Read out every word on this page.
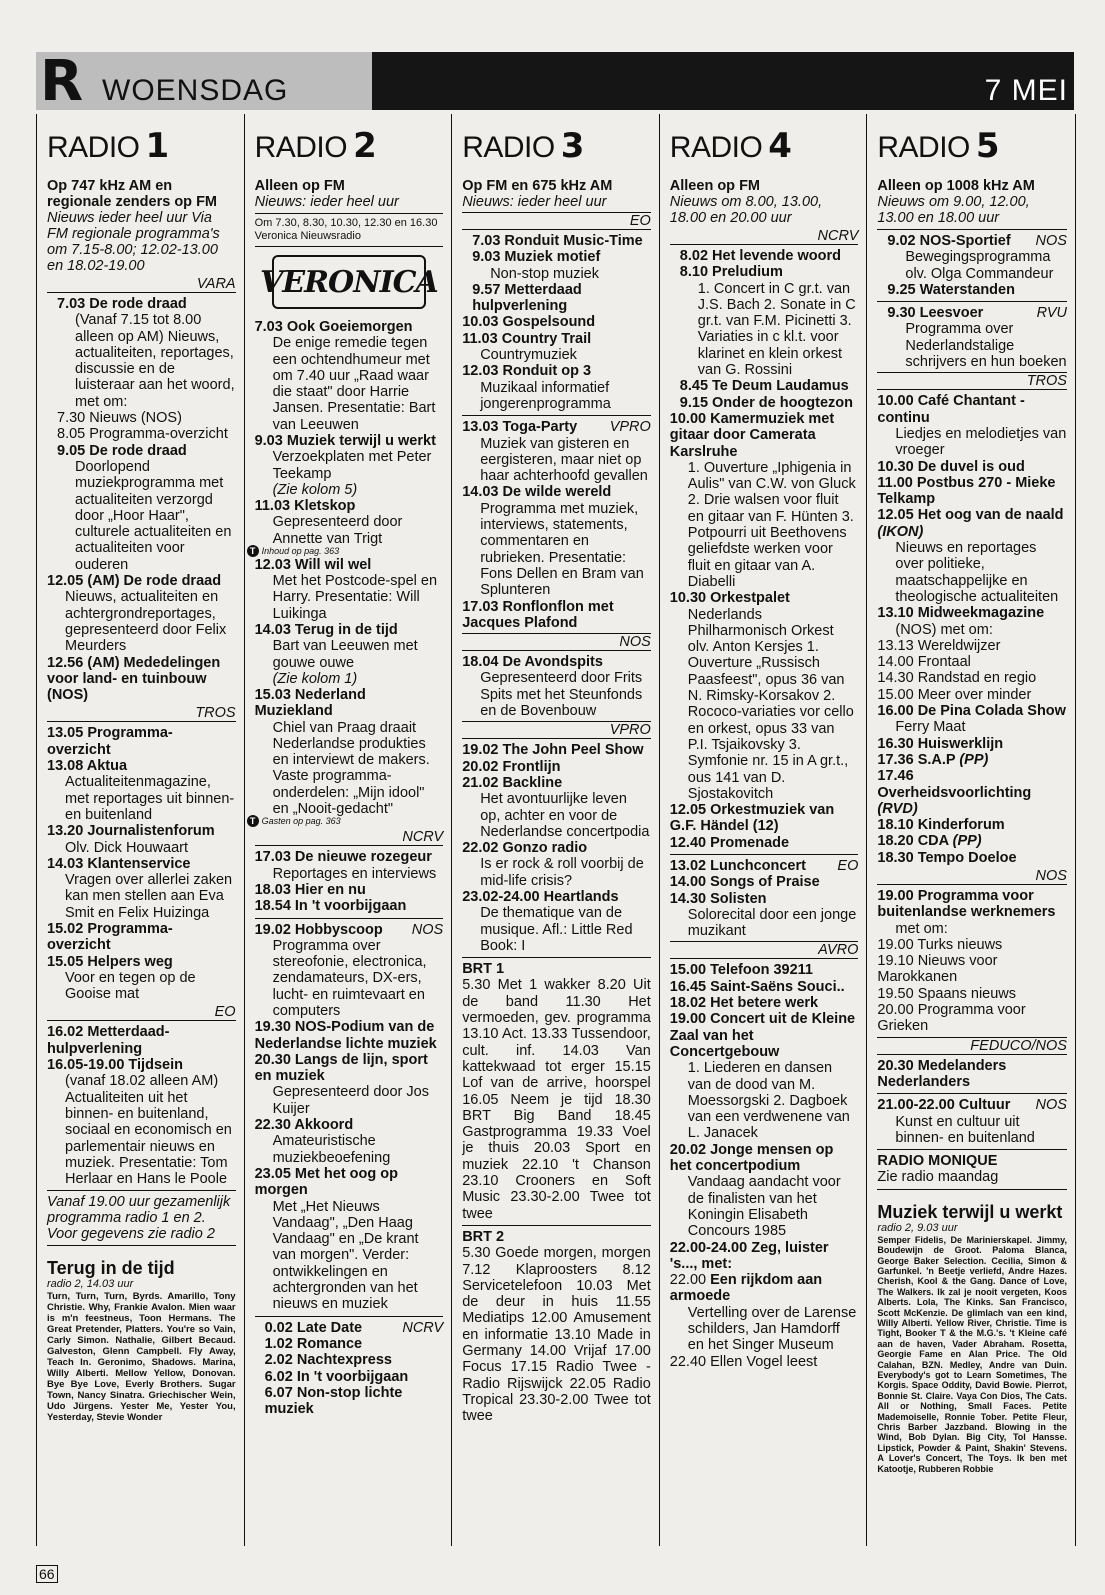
R WOENSDAG	7 MEI
RADIO 1
Op 747 kHz AM en regionale zenders op FM
Nieuws ieder heel uur Via FM regionale programma's om 7.15-8.00; 12.02-13.00 en 18.02-19.00
VARA
7.03 De rode draad
(Vanaf 7.15 tot 8.00 alleen op AM) Nieuws, actualiteiten, reportages, discussie en de luisteraar aan het woord, met om:
7.30 Nieuws (NOS)
8.05 Programma-overzicht
9.05 De rode draad
Doorlopend muziekprogramma met actualiteiten verzorgd door „Hoor Haar", culturele actualiteiten en actualiteiten voor ouderen
12.05 (AM) De rode draad
Nieuws, actualiteiten en achtergrondreportages, gepresenteerd door Felix Meurders
12.56 (AM) Mededelingen voor land- en tuinbouw (NOS)
TROS
13.05 Programma-overzicht
13.08 Aktua
Actualiteitenmagazine, met reportages uit binnen- en buitenland
13.20 Journalistenforum
Olv. Dick Houwaart
14.03 Klantenservice
Vragen over allerlei zaken kan men stellen aan Eva Smit en Felix Huizinga
15.02 Programma-overzicht
15.05 Helpers weg
Voor en tegen op de Gooise mat
EO
16.02 Metterdaad-hulpverlening
16.05-19.00 Tijdsein
(vanaf 18.02 alleen AM) Actualiteiten uit het binnen- en buitenland, sociaal en economisch en parlementair nieuws en muziek. Presentatie: Tom Herlaar en Hans le Poole
Vanaf 19.00 uur gezamenlijk programma radio 1 en 2. Voor gegevens zie radio 2
Terug in de tijd
radio 2, 14.03 uur
Turn, Turn, Turn, Byrds. Amarillo, Tony Christie. Why, Frankie Avalon. Mien waar is m'n feestneus, Toon Hermans. The Great Pretender, Platters. You're so Vain, Carly Simon. Nathalie, Gilbert Becaud. Galveston, Glenn Campbell. Fly Away, Teach In. Geronimo, Shadows. Marina, Willy Alberti. Mellow Yellow, Donovan. Bye Bye Love, Everly Brothers. Sugar Town, Nancy Sinatra. Griechischer Wein, Udo Jürgens. Yester Me, Yester You, Yesterday, Stevie Wonder
RADIO 2
Alleen op FM
Nieuws: ieder heel uur
Om 7.30, 8.30, 10.30, 12.30 en 16.30 Veronica Nieuwsradio
VERONICA
7.03 Ook Goeiemorgen
De enige remedie tegen een ochtendhumeur met om 7.40 uur „Raad waar die staat" door Harrie Jansen. Presentatie: Bart van Leeuwen
9.03 Muziek terwijl u werkt
Verzoekplaten met Peter Teekamp
(Zie kolom 5)
11.03 Kletskop
Gepresenteerd door Annette van Trigt
T Inhoud op pag. 363
12.03 Will wil wel
Met het Postcode-spel en Harry. Presentatie: Will Luikinga
14.03 Terug in de tijd
Bart van Leeuwen met gouwe ouwe
(Zie kolom 1)
15.03 Nederland Muziekland
Chiel van Praag draait Nederlandse produkties en interviewt de makers. Vaste programma-onderdelen: „Mijn idool" en „Nooit-gedacht"
T Gasten op pag. 363
NCRV
17.03 De nieuwe rozegeur
Reportages en interviews
18.03 Hier en nu
18.54 In 't voorbijgaan
19.02 Hobbyscoop NOS
Programma over stereofonie, electronica, zendamateurs, DX-ers, lucht- en ruimtevaart en computers
19.30 NOS-Podium van de Nederlandse lichte muziek
20.30 Langs de lijn, sport en muziek
Gepresenteerd door Jos Kuijer
22.30 Akkoord
Amateuristische muziekbeoefening
23.05 Met het oog op morgen
Met „Het Nieuws Vandaag", „Den Haag Vandaag" en „De krant van morgen". Verder: ontwikkelingen en achtergronden van het nieuws en muziek
0.02 Late Date	NCRV
1.02 Romance
2.02 Nachtexpress
6.02 In 't voorbijgaan
6.07 Non-stop lichte muziek
RADIO 3
Op FM en 675 kHz AM
Nieuws: ieder heel uur
EO
7.03 Ronduit Music-Time
9.03 Muziek motief
Non-stop muziek
9.57 Metterdaad hulpverlening
10.03 Gospelsound
11.03 Country Trail
Countrymuziek
12.03 Ronduit op 3
Muzikaal informatief jongerenprogramma
13.03 Toga-Party VPRO
Muziek van gisteren en eergisteren, maar niet op haar achterhoofd gevallen
14.03 De wilde wereld
Programma met muziek, interviews, statements, commentaren en rubrieken. Presentatie: Fons Dellen en Bram van Splunteren
17.03 Ronflonflon met Jacques Plafond
NOS
18.04 De Avondspits
Gepresenteerd door Frits Spits met het Steunfonds en de Bovenbouw
VPRO
19.02 The John Peel Show
20.02 Frontlijn
21.02 Backline
Het avontuurlijke leven op, achter en voor de Nederlandse concertpodia
22.02 Gonzo radio
Is er rock & roll voorbij de mid-life crisis?
23.02-24.00 Heartlands
De thematique van de musique. Afl.: Little Red Book: I
BRT 1
5.30 Met 1 wakker 8.20 Uit de band 11.30 Het vermoeden, gev. programma 13.10 Act. 13.33 Tussendoor, cult. inf. 14.03 Van kattekwaad tot erger 15.15 Lof van de arrive, hoorspel 16.05 Neem je tijd 18.30 BRT Big Band 18.45 Gastprogramma 19.33 Voel je thuis 20.03 Sport en muziek 22.10 't Chanson 23.10 Crooners en Soft Music 23.30-2.00 Twee tot twee
BRT 2
5.30 Goede morgen, morgen 7.12 Klaproosters 8.12 Servicetelefoon 10.03 Met de deur in huis 11.55 Mediatips 12.00 Amusement en informatie 13.10 Made in Germany 14.00 Vrijaf 17.00 Focus 17.15 Radio Twee - Radio Rijswijck 22.05 Radio Tropical 23.30-2.00 Twee tot twee
RADIO 4
Alleen op FM
Nieuws om 8.00, 13.00, 18.00 en 20.00 uur
NCRV
8.02 Het levende woord
8.10 Preludium
1. Concert in C gr.t. van J.S. Bach 2. Sonate in C gr.t. van F.M. Picinetti 3. Variaties in c kl.t. voor klarinet en klein orkest van G. Rossini
8.45 Te Deum Laudamus
9.15 Onder de hoogtezon
10.00 Kamermuziek met gitaar door Camerata Karslruhe
1. Ouverture „Iphigenia in Aulis" van C.W. von Gluck 2. Drie walsen voor fluit en gitaar van F. Hünten 3. Potpourri uit Beethovens geliefdste werken voor fluit en gitaar van A. Diabelli
10.30 Orkestpalet
Nederlands Philharmonisch Orkest olv. Anton Kersjes 1. Ouverture „Russisch Paasfeest", opus 36 van N. Rimsky-Korsakov 2. Rococo-variaties vor cello en orkest, opus 33 van P.I. Tsjaikovsky 3. Symfonie nr. 15 in A gr.t., ous 141 van D. Sjostakovitch
12.05 Orkestmuziek van G.F. Händel (12)
12.40 Promenade
13.02 Lunchconcert EO
14.00 Songs of Praise
14.30 Solisten
Solorecital door een jonge muzikant
AVRO
15.00 Telefoon 39211
16.45 Saint-Saëns Souci..
18.02 Het betere werk
19.00 Concert uit de Kleine Zaal van het Concertgebouw
1. Liederen en dansen van de dood van M. Moessorgski 2. Dagboek van een verdwenene van L. Janacek
20.02 Jonge mensen op het concertpodium
Vandaag aandacht voor de finalisten van het Koningin Elisabeth Concours 1985
22.00-24.00 Zeg, luister 's..., met:
22.00 Een rijkdom aan armoede
Vertelling over de Larense schilders, Jan Hamdorff en het Singer Museum
22.40 Ellen Vogel leest
RADIO 5
Alleen op 1008 kHz AM
Nieuws om 9.00, 12.00, 13.00 en 18.00 uur
9.02 NOS-Sportief NOS
Bewegingsprogramma olv. Olga Commandeur
9.25 Waterstanden
9.30 Leesvoer	RVU
Programma over Nederlandstalige schrijvers en hun boeken
TROS
10.00 Café Chantant - continu
Liedjes en melodietjes van vroeger
10.30 De duvel is oud
11.00 Postbus 270 - Mieke Telkamp
12.05 Het oog van de naald (IKON)
Nieuws en reportages over politieke, maatschappelijke en theologische actualiteiten
13.10 Midweekmagazine
(NOS) met om:
13.13 Wereldwijzer
14.00 Frontaal
14.30 Randstad en regio
15.00 Meer over minder
16.00 De Pina Colada Show
Ferry Maat
16.30 Huiswerklijn
17.36 S.A.P (PP)
17.46 Overheidsvoorlichting (RVD)
18.10 Kinderforum
18.20 CDA (PP)
18.30 Tempo Doeloe
NOS
19.00 Programma voor buitenlandse werknemers
met om:
19.00 Turks nieuws
19.10 Nieuws voor Marokkanen
19.50 Spaans nieuws
20.00 Programma voor Grieken
FEDUCO/NOS
20.30 Medelanders Nederlanders
21.00-22.00 Cultuur NOS
Kunst en cultuur uit binnen- en buitenland
RADIO MONIQUE
Zie radio maandag
Muziek terwijl u werkt
radio 2, 9.03 uur
Semper Fidelis, De Marinierskapel. Jimmy, Boudewijn de Groot. Paloma Blanca, George Baker Selection. Cecilia, Simon & Garfunkel. 'n Beetje verliefd, Andre Hazes. Cherish, Kool & the Gang. Dance of Love, The Walkers. Ik zal je nooit vergeten, Koos Alberts. Lola, The Kinks. San Francisco, Scott McKenzie. De glimlach van een kind, Willy Alberti. Yellow River, Christie. Time is Tight, Booker T & the M.G.'s. 't Kleine café aan de haven, Vader Abraham. Rosetta, Georgie Fame en Alan Price. The Old Calahan, BZN. Medley, Andre van Duin. Everybody's got to Learn Sometimes, The Korgis. Space Oddity, David Bowie. Pierrot, Bonnie St. Claire. Vaya Con Dios, The Cats. All or Nothing, Small Faces. Petite Mademoiselle, Ronnie Tober. Petite Fleur, Chris Barber Jazzband. Blowing in the Wind, Bob Dylan. Big City, Tol Hansse. Lipstick, Powder & Paint, Shakin' Stevens. A Lover's Concert, The Toys. Ik ben met Katootje, Rubberen Robbie
66
